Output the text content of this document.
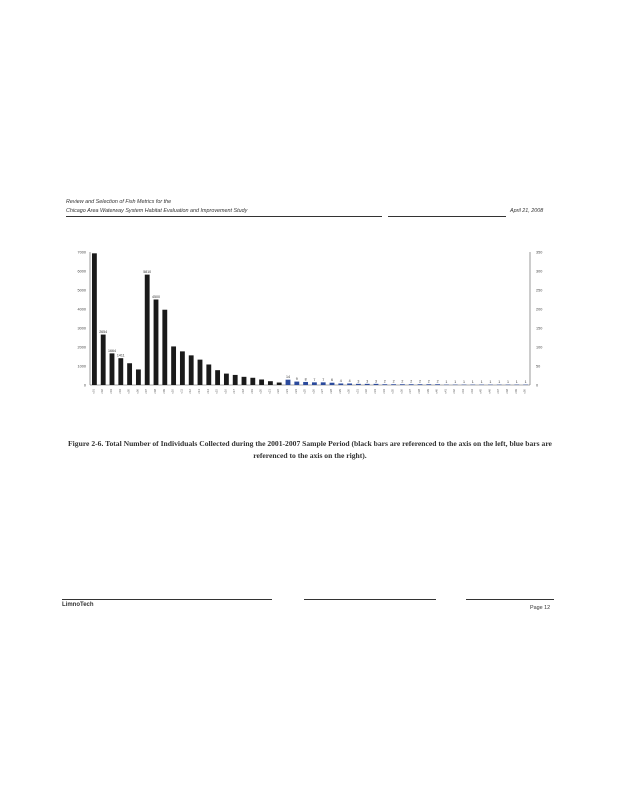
Review and Selection of Fish Metrics for the
Chicago Area Waterway System Habitat Evaluation and Improvement Study	April 21, 2008
0
1000
2000
3000
4000
5000
6000
7000
0
50
100
150
200
250
300
350
c01
2654
c02
1664
c03
1411
c04 c05 c06
5810
c07
4500
c08 c09 c10 c11 c12 c13 c14 c15 c16 c17 c18 c19 c20 c21 c22
14
c23
9
c24
8
c25
7
c26
7
c27
6
c28
4
c29
4
c30
3
c31
3
c32
3
c33
2
c34
2
c35
2
c36
2
c37
2
c38
2
c39
2
c40
1
c41
1
c42
1
c43
1
c44
1
c45
1
c46
1
c47
1
c48
1
c49
1
c50
Figure 2-6. Total Number of Individuals Collected during the 2001-2007 Sample Period (black bars are referenced to the axis on the left, blue bars are referenced to the axis on the right).
LimnoTech	Page 12
